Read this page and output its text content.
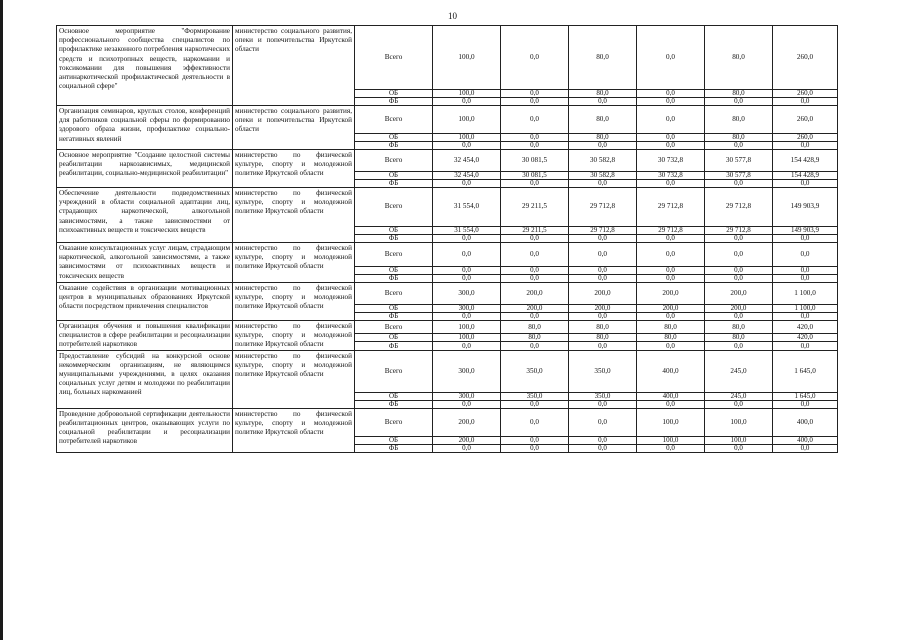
10
Основное мероприятие "Формирование профессионального сообщества специалистов по профилактике незаконного потребления наркотических средств и психотропных веществ, наркомании и токсикомании для повышения эффективности антинаркотической профилактической деятельности в социальной сфере"	министерство социального развития, опеки и попечительства Иркутской области	Всего	100,0	0,0	80,0	0,0	80,0	260,0
		ОБ	100,0	0,0	80,0	0,0	80,0	260,0
		ФБ	0,0	0,0	0,0	0,0	0,0	0,0
Организация семинаров, круглых столов, конференций для работников социальной сферы по формированию здорового образа жизни, профилактике социально-негативных явлений	министерство социального развития, опеки и попечительства Иркутской области	Всего	100,0	0,0	80,0	0,0	80,0	260,0
		ОБ	100,0	0,0	80,0	0,0	80,0	260,0
		ФБ	0,0	0,0	0,0	0,0	0,0	0,0
Основное мероприятие "Создание целостной системы реабилитации наркозависимых, медицинской реабилитации, социально-медицинской реабилитации"	министерство по физической культуре, спорту и молодежной политике Иркутской области	Всего	32 454,0	30 081,5	30 582,8	30 732,8	30 577,8	154 428,9
		ОБ	32 454,0	30 081,5	30 582,8	30 732,8	30 577,8	154 428,9
		ФБ	0,0	0,0	0,0	0,0	0,0	0,0
Обеспечение деятельности подведомственных учреждений в области социальной адаптации лиц, страдающих наркотической, алкогольной зависимостями, а также зависимостями от психоактивных веществ и токсических веществ	министерство по физической культуре, спорту и молодежной политике Иркутской области	Всего	31 554,0	29 211,5	29 712,8	29 712,8	29 712,8	149 903,9
		ОБ	31 554,0	29 211,5	29 712,8	29 712,8	29 712,8	149 903,9
		ФБ	0,0	0,0	0,0	0,0	0,0	0,0
Оказание консультационных услуг лицам, страдающим наркотической, алкогольной зависимостями, а также зависимостями от психоактивных веществ и токсических веществ	министерство по физической культуре, спорту и молодежной политике Иркутской области	Всего	0,0	0,0	0,0	0,0	0,0	0,0
		ОБ	0,0	0,0	0,0	0,0	0,0	0,0
		ФБ	0,0	0,0	0,0	0,0	0,0	0,0
Оказание содействия в организации мотивационных центров в муниципальных образованиях Иркутской области посредством привлечения специалистов	министерство по физической культуре, спорту и молодежной политике Иркутской области	Всего	300,0	200,0	200,0	200,0	200,0	1 100,0
		ОБ	300,0	200,0	200,0	200,0	200,0	1 100,0
		ФБ	0,0	0,0	0,0	0,0	0,0	0,0
Организация обучения и повышения квалификации специалистов в сфере реабилитации и ресоциализации потребителей наркотиков	министерство по физической культуре, спорту и молодежной политике Иркутской области	Всего	100,0	80,0	80,0	80,0	80,0	420,0
		ОБ	100,0	80,0	80,0	80,0	80,0	420,0
		ФБ	0,0	0,0	0,0	0,0	0,0	0,0
Предоставление субсидий на конкурсной основе некоммерческим организациям, не являющимся муниципальными учреждениями, в целях оказания социальных услуг детям и молодежи по реабилитации лиц, больных наркоманией	министерство по физической культуре, спорту и молодежной политике Иркутской области	Всего	300,0	350,0	350,0	400,0	245,0	1 645,0
		ОБ	300,0	350,0	350,0	400,0	245,0	1 645,0
		ФБ	0,0	0,0	0,0	0,0	0,0	0,0
Проведение добровольной сертификации деятельности реабилитационных центров, оказывающих услуги по социальной реабилитации и ресоциализации потребителей наркотиков	министерство по физической культуре, спорту и молодежной политике Иркутской области	Всего	200,0	0,0	0,0	100,0	100,0	400,0
		ОБ	200,0	0,0	0,0	100,0	100,0	400,0
		ФБ	0,0	0,0	0,0	0,0	0,0	0,0
